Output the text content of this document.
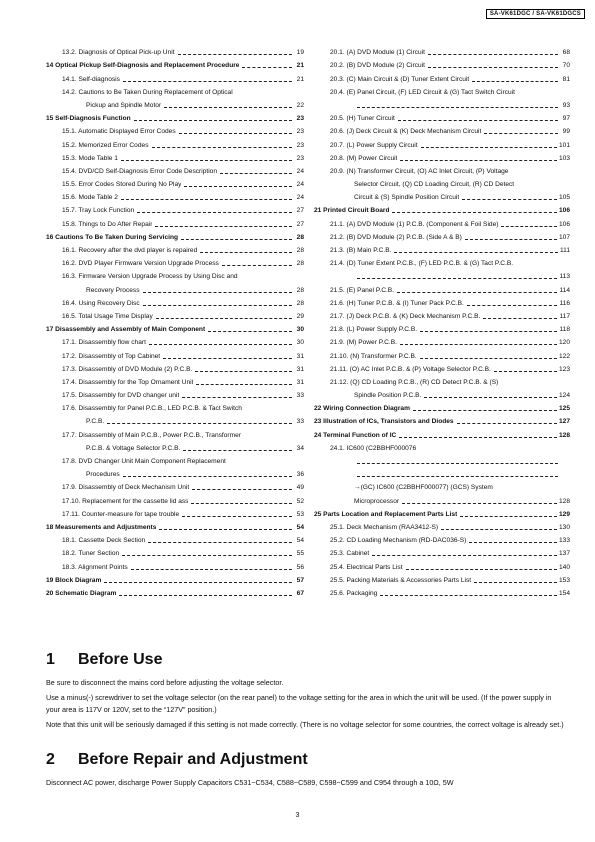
SA-VK61DGC / SA-VK61DGCS
13.2. Diagnosis of Optical Pick-up Unit	19
14 Optical Pickup Self-Diagnosis and Replacement Procedure	21
14.1. Self-diagnosis	21
14.2. Cautions to Be Taken During Replacement of Optical
Pickup and Spindle Motor	22
15 Self-Diagnosis Function	23
15.1. Automatic Displayed Error Codes	23
15.2. Memorized Error Codes	23
15.3. Mode Table 1	23
15.4. DVD/CD Self-Diagnosis Error Code Description	24
15.5. Error Codes Stored During No Play	24
15.6. Mode Table 2	24
15.7. Tray Lock Function	27
15.8. Things to Do After Repair	27
16 Cautions To Be Taken During Servicing	28
16.1. Recovery after the dvd player is repaired	28
16.2. DVD Player Firmware Version Upgrade Process	28
16.3. Firmware Version Upgrade Process by Using Disc and
Recovery Process	28
16.4. Using Recovery Disc	28
16.5. Total Usage Time Display	29
17 Disassembly and Assembly of Main Component	30
17.1. Disassembly flow chart	30
17.2. Disassembly of Top Cabinet	31
17.3. Disassembly of DVD Module (2) P.C.B.	31
17.4. Disassembly for the Top Ornament Unit	31
17.5. Disassembly for DVD changer unit	33
17.6. Disassembly for Panel P.C.B., LED P.C.B. & Tact Switch
P.C.B.	33
17.7. Disassembly of Main P.C.B., Power P.C.B., Transformer
P.C.B. & Voltage Selector P.C.B.	34
17.8. DVD Changer Unit Main Component Replacement
Procedures	36
17.9. Disassembly of Deck Mechanism Unit	49
17.10. Replacement for the cassette lid ass	52
17.11. Counter-measure for tape trouble	53
18 Measurements and Adjustments	54
18.1. Cassette Deck Section	54
18.2. Tuner Section	55
18.3. Alignment Points	56
19 Block Diagram	57
20 Schematic Diagram	67
20.1. (A) DVD Module (1) Circuit	68
20.2. (B) DVD Module (2) Circuit	70
20.3. (C) Main Circuit & (D) Tuner Extent Circuit	81
20.4. (E) Panel Circuit, (F) LED Circuit & (G) Tact Switch Circuit
93
20.5. (H) Tuner Circuit	97
20.6. (J) Deck Circuit & (K) Deck Mechanism Circuit	99
20.7. (L) Power Supply Circuit	101
20.8. (M) Power Circuit	103
20.9. (N) Transformer Circuit, (O) AC Inlet Circuit, (P) Voltage
Selector Circuit, (Q) CD Loading Circuit, (R) CD Detect
Circuit & (S) Spindle Position Circuit	105
21 Printed Circuit Board	106
21.1. (A) DVD Module (1) P.C.B. (Component & Foil Side)	106
21.2. (B) DVD Module (2) P.C.B. (Side A & B)	107
21.3. (B) Main P.C.B.	111
21.4. (D) Tuner Extent P.C.B., (F) LED P.C.B. & (G) Tact P.C.B.
113
21.5. (E) Panel P.C.B.	114
21.6. (H) Tuner P.C.B. & (I) Tuner Pack P.C.B.	116
21.7. (J) Deck P.C.B. & (K) Deck Mechanism P.C.B.	117
21.8. (L) Power Supply P.C.B.	118
21.9. (M) Power P.C.B.	120
21.10. (N) Transformer P.C.B.	122
21.11. (O) AC Inlet P.C.B. & (P) Voltage Selector P.C.B.	123
21.12. (Q) CD Loading P.C.B., (R) CD Detect P.C.B. & (S)
Spindle Position P.C.B.	124
22 Wiring Connection Diagram	125
23 Illustration of ICs, Transistors and Diodes	127
24 Terminal Function of IC	128
24.1. IC600 (C2BBHF000076
→(GC) IC600 (C2BBHF000077) (GCS) System
Microprocessor	128
25 Parts Location and Replacement Parts List	129
25.1. Deck Mechanism (RAA3412-S)	130
25.2. CD Loading Mechanism (RD-DAC036-S)	133
25.3. Cabinet	137
25.4. Electrical Parts List	140
25.5. Packing Materials & Accessories Parts List	153
25.6. Packaging	154
1 Before Use

Be sure to disconnect the mains cord before adjusting the voltage selector.

Use a minus(-) screwdriver to set the voltage selector (on the rear panel) to the voltage setting for the area in which the unit will be used. (If the power supply in your area is 117V or 120V, set to the “127V” position.)

Note that this unit will be seriously damaged if this setting is not made correctly. (There is no voltage selector for some countries, the correct voltage is already set.)

2 Before Repair and Adjustment

Disconnect AC power, discharge Power Supply Capacitors C531~C534, C588~C589, C598~C599 and C954 through a 10Ω, 5W

3
